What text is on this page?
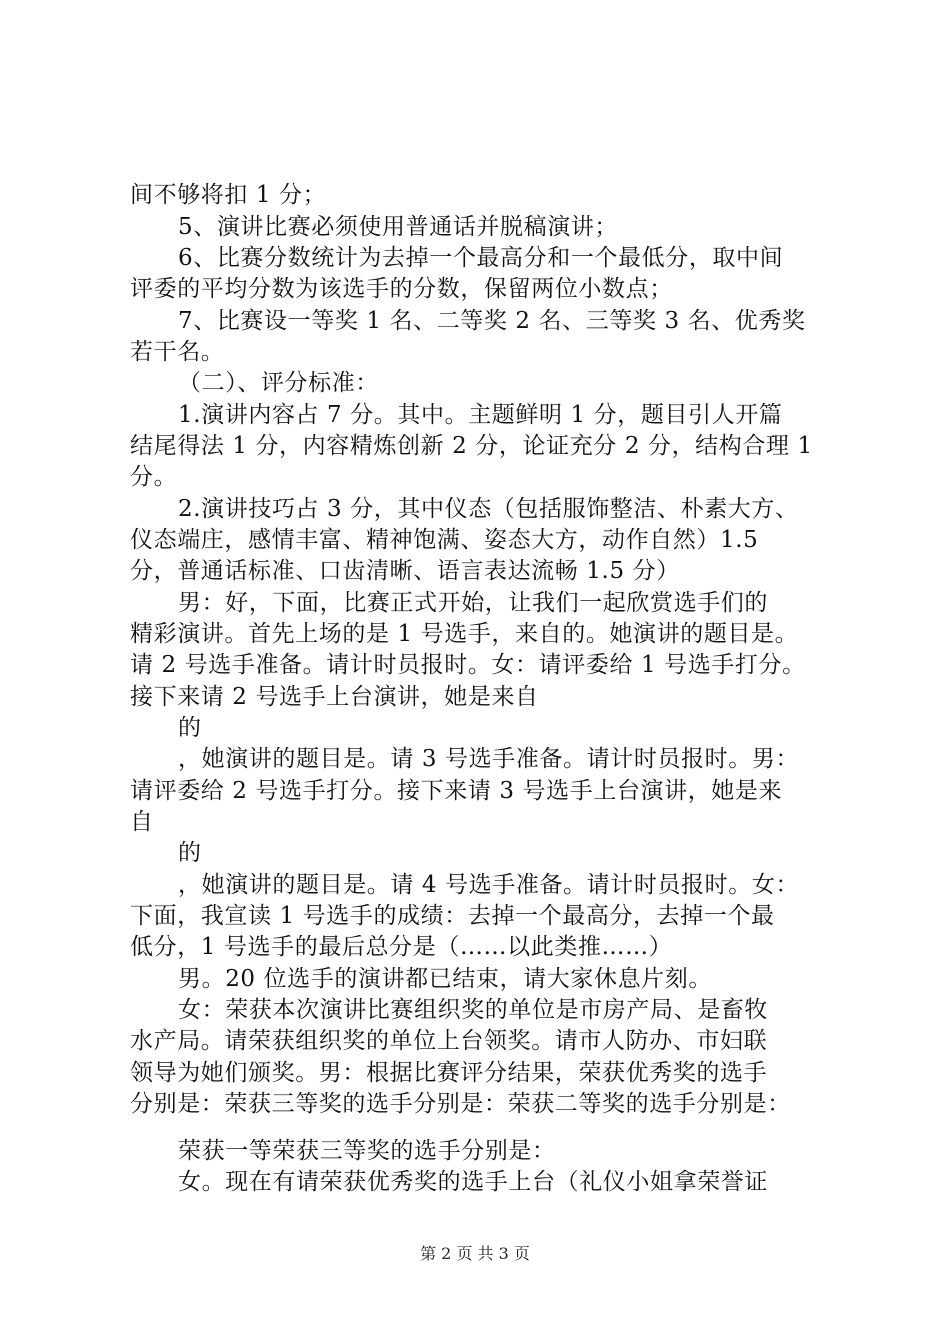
间不够将扣 1 分；
5、演讲比赛必须使用普通话并脱稿演讲；
6、比赛分数统计为去掉一个最高分和一个最低分，取中间
评委的平均分数为该选手的分数，保留两位小数点；
7、比赛设一等奖 1 名、二等奖 2 名、三等奖 3 名、优秀奖
若干名。
（二）、评分标准：
1.演讲内容占 7 分。其中。主题鲜明 1 分，题目引人开篇
结尾得法 1 分，内容精炼创新 2 分，论证充分 2 分，结构合理 1
分。
2.演讲技巧占 3 分，其中仪态（包括服饰整洁、朴素大方、
仪态端庄，感情丰富、精神饱满、姿态大方，动作自然）1.5
分，普通话标准、口齿清晰、语言表达流畅 1.5 分）
男：好，下面，比赛正式开始，让我们一起欣赏选手们的
精彩演讲。首先上场的是 1 号选手，来自的。她演讲的题目是。
请 2 号选手准备。请计时员报时。女：请评委给 1 号选手打分。
接下来请 2 号选手上台演讲，她是来自
的
，她演讲的题目是。请 3 号选手准备。请计时员报时。男：
请评委给 2 号选手打分。接下来请 3 号选手上台演讲，她是来
自
的
，她演讲的题目是。请 4 号选手准备。请计时员报时。女：
下面，我宣读 1 号选手的成绩：去掉一个最高分，去掉一个最
低分，1 号选手的最后总分是（……以此类推……）
男。20 位选手的演讲都已结束，请大家休息片刻。
女：荣获本次演讲比赛组织奖的单位是市房产局、是畜牧
水产局。请荣获组织奖的单位上台领奖。请市人防办、市妇联
领导为她们颁奖。男：根据比赛评分结果，荣获优秀奖的选手
分别是：荣获三等奖的选手分别是：荣获二等奖的选手分别是：
荣获一等荣获三等奖的选手分别是：
女。现在有请荣获优秀奖的选手上台（礼仪小姐拿荣誉证
第 2 页 共 3 页
